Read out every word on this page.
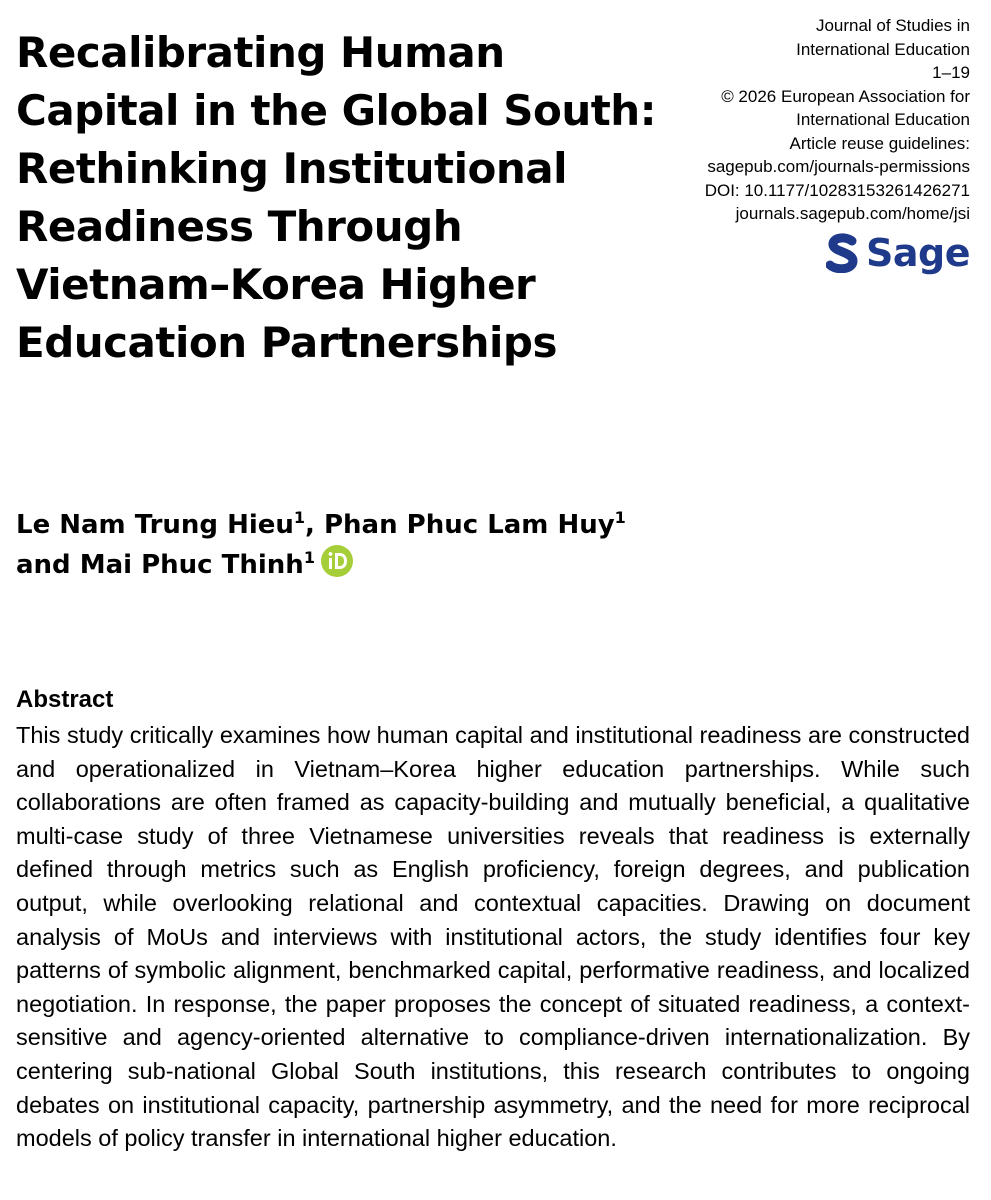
Recalibrating Human Capital in the Global South: Rethinking Institutional Readiness Through Vietnam–Korea Higher Education Partnerships
Journal of Studies in
International Education
1–19
© 2026 European Association for
International Education
Article reuse guidelines:
sagepub.com/journals-permissions
DOI: 10.1177/10283153261426271
journals.sagepub.com/home/jsi
Sage
Le Nam Trung Hieu$^1$, Phan Phuc Lam Huy$^1$
and Mai Phuc Thinh$^1$
Abstract

This study critically examines how human capital and institutional readiness are constructed and operationalized in Vietnam–Korea higher education partnerships. While such collaborations are often framed as capacity-building and mutually beneficial, a qualitative multi-case study of three Vietnamese universities reveals that readiness is externally defined through metrics such as English proficiency, foreign degrees, and publication output, while overlooking relational and contextual capacities. Drawing on document analysis of MoUs and interviews with institutional actors, the study identifies four key patterns of symbolic alignment, benchmarked capital, performative readiness, and localized negotiation. In response, the paper proposes the concept of situated readiness, a context-sensitive and agency-oriented alternative to compliance-driven internationalization. By centering sub-national Global South institutions, this research contributes to ongoing debates on institutional capacity, partnership asymmetry, and the need for more reciprocal models of policy transfer in international higher education.
